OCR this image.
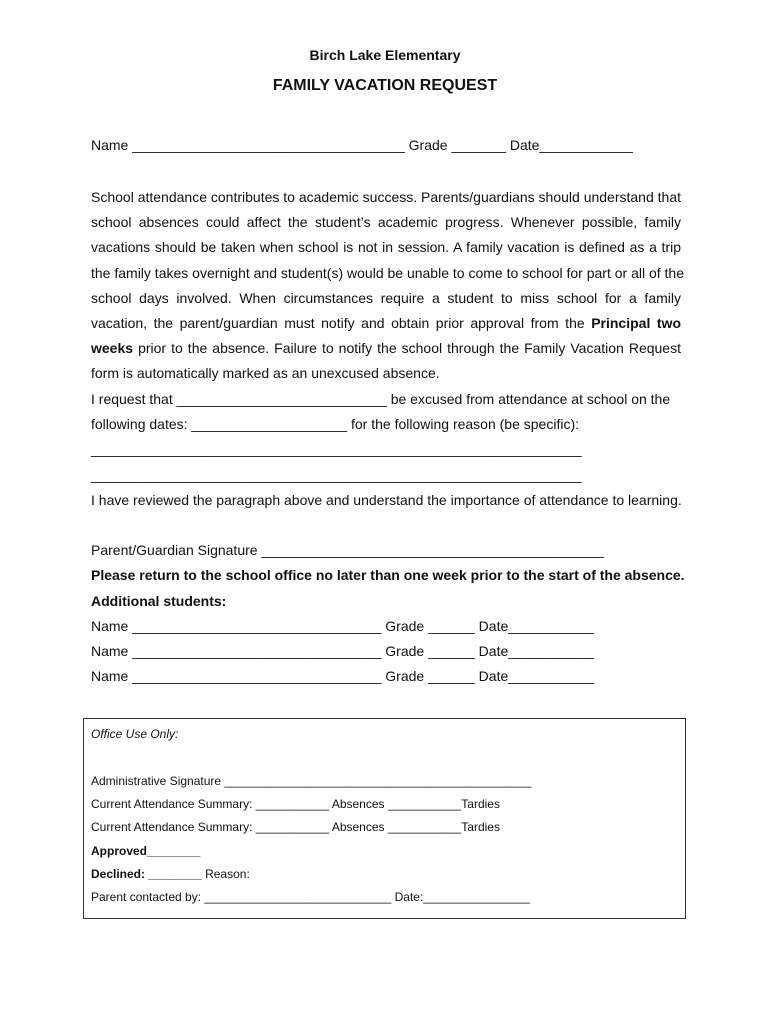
Birch Lake Elementary
FAMILY VACATION REQUEST
Name ___________________________________ Grade _______ Date____________
School attendance contributes to academic success. Parents/guardians should understand that
school absences could affect the student’s academic progress. Whenever possible, family
vacations should be taken when school is not in session. A family vacation is defined as a trip
the family takes overnight and student(s) would be unable to come to school for part or all of the
school days involved. When circumstances require a student to miss school for a family
vacation, the parent/guardian must notify and obtain prior approval from the Principal two
weeks prior to the absence. Failure to notify the school through the Family Vacation Request
form is automatically marked as an unexcused absence.
I request that ___________________________ be excused from attendance at school on the
following dates: ____________________ for the following reason (be specific):
_______________________________________________________________
_______________________________________________________________
I have reviewed the paragraph above and understand the importance of attendance to learning.
Parent/Guardian Signature ____________________________________________
Please return to the school office no later than one week prior to the start of the absence.
Additional students:
Name ________________________________ Grade ______ Date___________
Name ________________________________ Grade ______ Date___________
Name ________________________________ Grade ______ Date___________
Office Use Only:
Administrative Signature ______________________________________________
Current Attendance Summary: ___________ Absences ___________Tardies
Current Attendance Summary: ___________ Absences ___________Tardies
Approved________
Declined: ________ Reason:
Parent contacted by: ____________________________ Date:________________
